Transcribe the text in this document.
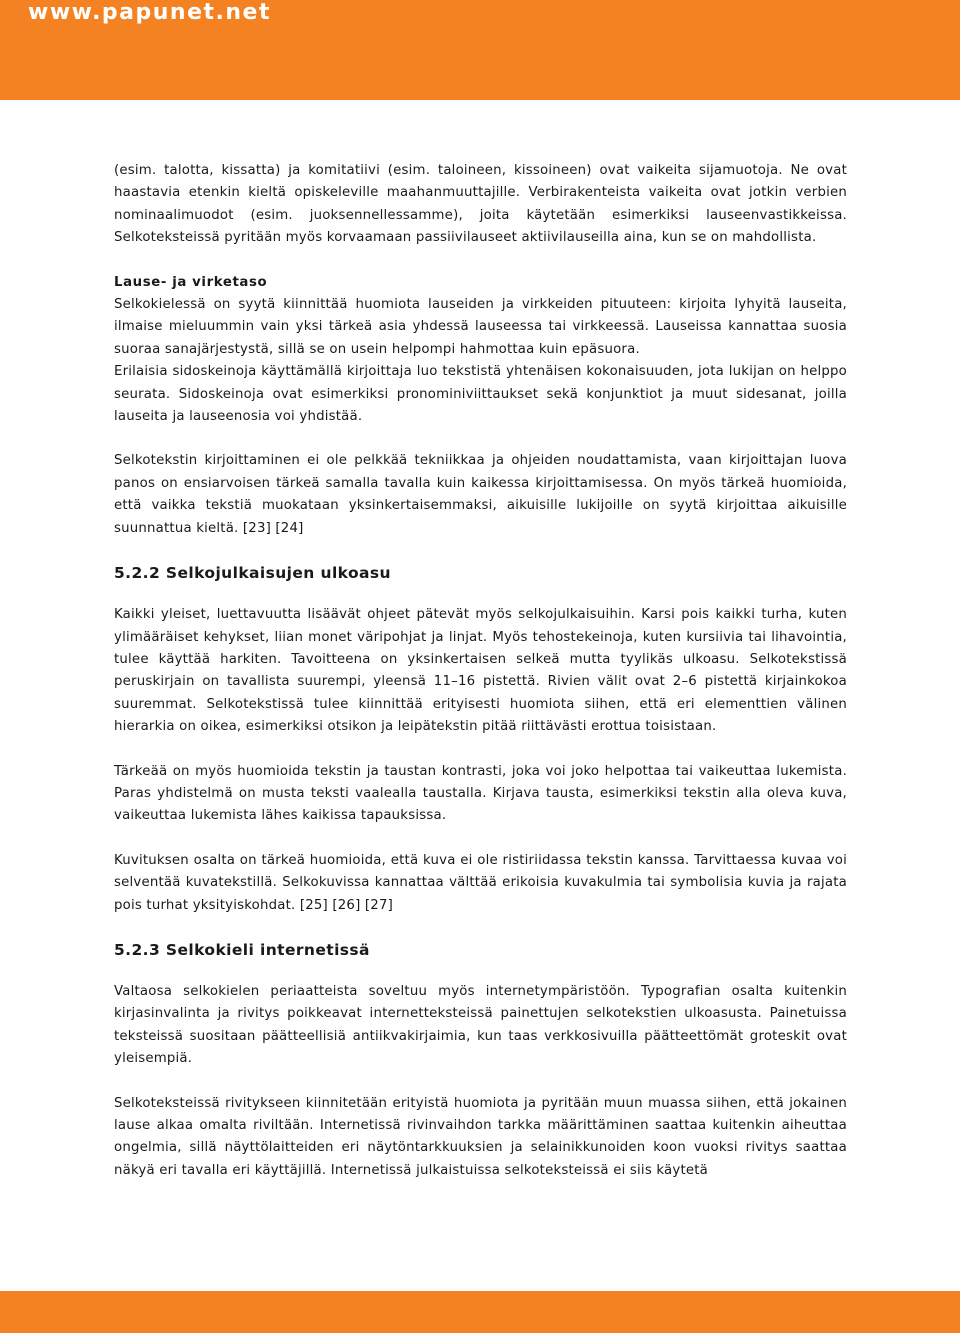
www.papunet.net

(esim. talotta, kissatta) ja komitatiivi (esim. taloineen, kissoineen) ovat vaikeita sijamuotoja. Ne ovat haastavia etenkin kieltä opiskeleville maahanmuuttajille. Verbirakenteista vaikeita ovat jotkin verbien nominaalimuodot (esim. juoksennellessamme), joita käytetään esimerkiksi lauseenvastikkeissa. Selkoteksteissä pyritään myös korvaamaan passiivilauseet aktiivilauseilla aina, kun se on mahdollista.

Lause- ja virketaso

Selkokielessä on syytä kiinnittää huomiota lauseiden ja virkkeiden pituuteen: kirjoita lyhyitä lauseita, ilmaise mieluummin vain yksi tärkeä asia yhdessä lauseessa tai virkkeessä. Lauseissa kannattaa suosia suoraa sanajärjestystä, sillä se on usein helpompi hahmottaa kuin epäsuora.

Erilaisia sidoskeinoja käyttämällä kirjoittaja luo tekstistä yhtenäisen kokonaisuuden, jota lukijan on helppo seurata. Sidoskeinoja ovat esimerkiksi pronominiviittaukset sekä konjunktiot ja muut sidesanat, joilla lauseita ja lauseenosia voi yhdistää.

Selkotekstin kirjoittaminen ei ole pelkkää tekniikkaa ja ohjeiden noudattamista, vaan kirjoittajan luova panos on ensiarvoisen tärkeä samalla tavalla kuin kaikessa kirjoittamisessa. On myös tärkeä huomioida, että vaikka tekstiä muokataan yksinkertaisemmaksi, aikuisille lukijoille on syytä kirjoittaa aikuisille suunnattua kieltä. [23] [24]

5.2.2 Selkojulkaisujen ulkoasu

Kaikki yleiset, luettavuutta lisäävät ohjeet pätevät myös selkojulkaisuihin. Karsi pois kaikki turha, kuten ylimääräiset kehykset, liian monet väripohjat ja linjat. Myös tehostekeinoja, kuten kursiivia tai lihavointia, tulee käyttää harkiten. Tavoitteena on yksinkertaisen selkeä mutta tyylikäs ulkoasu. Selkotekstissä peruskirjain on tavallista suurempi, yleensä 11–16 pistettä. Rivien välit ovat 2–6 pistettä kirjainkokoa suuremmat. Selkotekstissä tulee kiinnittää erityisesti huomiota siihen, että eri elementtien välinen hierarkia on oikea, esimerkiksi otsikon ja leipätekstin pitää riittävästi erottua toisistaan.

Tärkeää on myös huomioida tekstin ja taustan kontrasti, joka voi joko helpottaa tai vaikeuttaa lukemista. Paras yhdistelmä on musta teksti vaalealla taustalla. Kirjava tausta, esimerkiksi tekstin alla oleva kuva, vaikeuttaa lukemista lähes kaikissa tapauksissa.

Kuvituksen osalta on tärkeä huomioida, että kuva ei ole ristiriidassa tekstin kanssa. Tarvittaessa kuvaa voi selventää kuvatekstillä. Selkokuvissa kannattaa välttää erikoisia kuvakulmia tai symbolisia kuvia ja rajata pois turhat yksityiskohdat. [25] [26] [27]

5.2.3 Selkokieli internetissä

Valtaosa selkokielen periaatteista soveltuu myös internetympäristöön. Typografian osalta kuitenkin kirjasinvalinta ja rivitys poikkeavat internetteksteissä painettujen selkotekstien ulkoasusta. Painetuissa teksteissä suositaan päätteellisiä antiikvakirjaimia, kun taas verkkosivuilla päätteettömät groteskit ovat yleisempiä.

Selkoteksteissä rivitykseen kiinnitetään erityistä huomiota ja pyritään muun muassa siihen, että jokainen lause alkaa omalta riviltään. Internetissä rivinvaihdon tarkka määrittäminen saattaa kuitenkin aiheuttaa ongelmia, sillä näyttölaitteiden eri näytöntarkkuuksien ja selainikkunoiden koon vuoksi rivitys saattaa näkyä eri tavalla eri käyttäjillä. Internetissä julkaistuissa selkoteksteissä ei siis käytetä
